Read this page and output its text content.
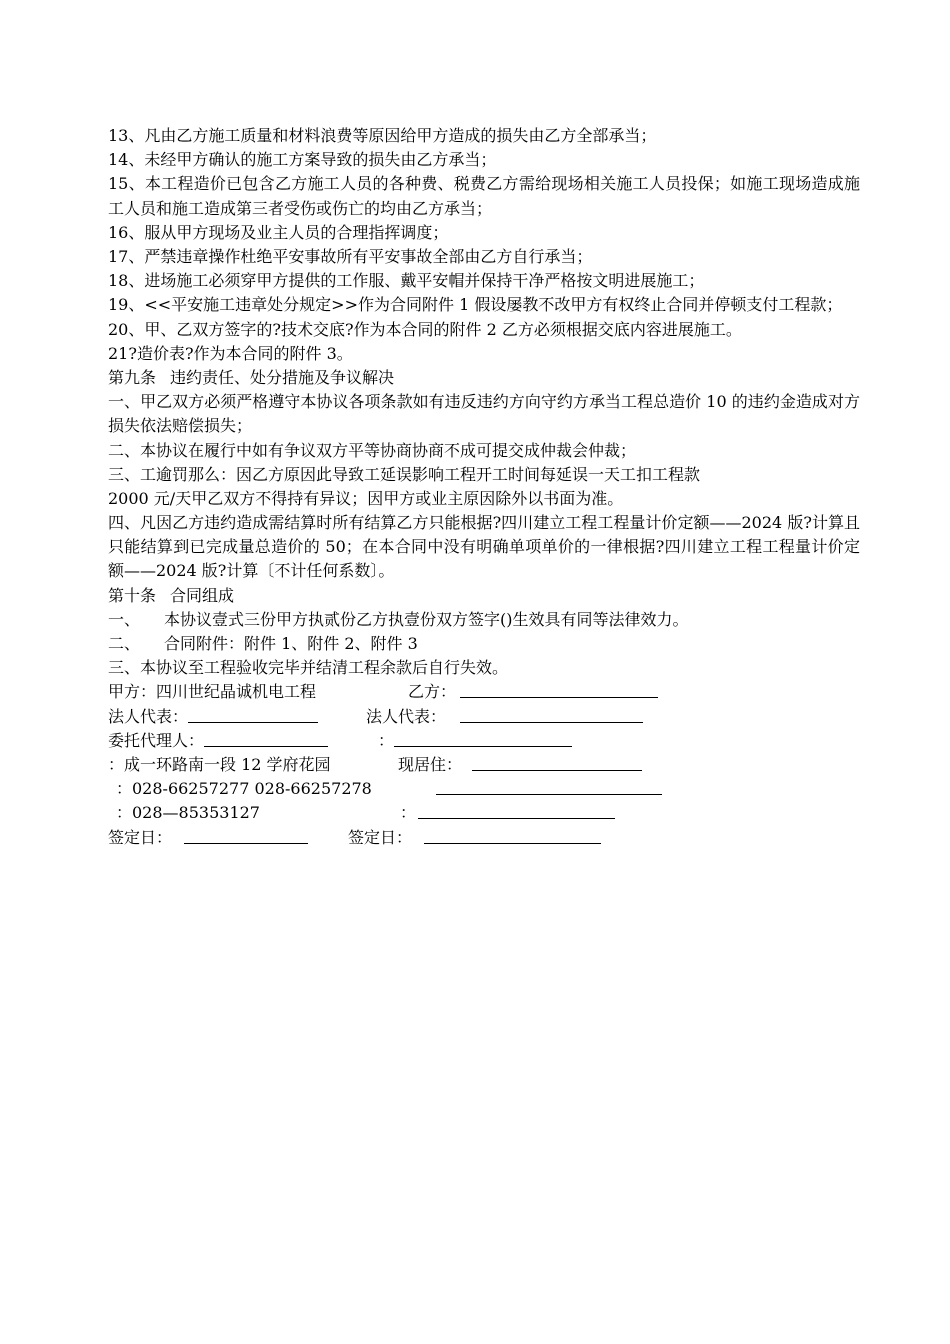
13、凡由乙方施工质量和材料浪费等原因给甲方造成的损失由乙方全部承当；
14、未经甲方确认的施工方案导致的损失由乙方承当；
15、本工程造价已包含乙方施工人员的各种费、税费乙方需给现场相关施工人员投保；如施工现场造成施工人员和施工造成第三者受伤或伤亡的均由乙方承当；
16、服从甲方现场及业主人员的合理指挥调度；
17、严禁违章操作杜绝平安事故所有平安事故全部由乙方自行承当；
18、进场施工必须穿甲方提供的工作服、戴平安帽并保持干净严格按文明进展施工；
19、<<平安施工违章处分规定>>作为合同附件 1 假设屡教不改甲方有权终止合同并停顿支付工程款；
20、甲、乙双方签字的?技术交底?作为本合同的附件 2 乙方必须根据交底内容进展施工。
21?造价表?作为本合同的附件 3。
第九条 违约责任、处分措施及争议解决
一、甲乙双方必须严格遵守本协议各项条款如有违反违约方向守约方承当工程总造价 10 的违约金造成对方损失依法赔偿损失；
二、本协议在履行中如有争议双方平等协商协商不成可提交成仲裁会仲裁；
三、工逾罚那么：因乙方原因此导致工延误影响工程开工时间每延误一天工扣工程款
2000 元/天甲乙双方不得持有异议；因甲方或业主原因除外以书面为准。
四、凡因乙方违约造成需结算时所有结算乙方只能根据?四川建立工程工程量计价定额——2024 版?计算且只能结算到已完成量总造价的 50；在本合同中没有明确单项单价的一律根据?四川建立工程工程量计价定额——2024 版?计算〔不计任何系数〕。
第十条 合同组成
一、 本协议壹式三份甲方执贰份乙方执壹份双方签字()生效具有同等法律效力。
二、 合同附件：附件 1、附件 2、附件 3
三、本协议至工程验收完毕并结清工程余款后自行失效。
甲方：四川世纪晶诚机电工程	乙方：
法人代表：	法人代表：
委托代理人：	：
：成一环路南一段 12 学府花园	现居住：
：028-66257277 028-66257278
：028—85353127	：
签定日：	签定日：
